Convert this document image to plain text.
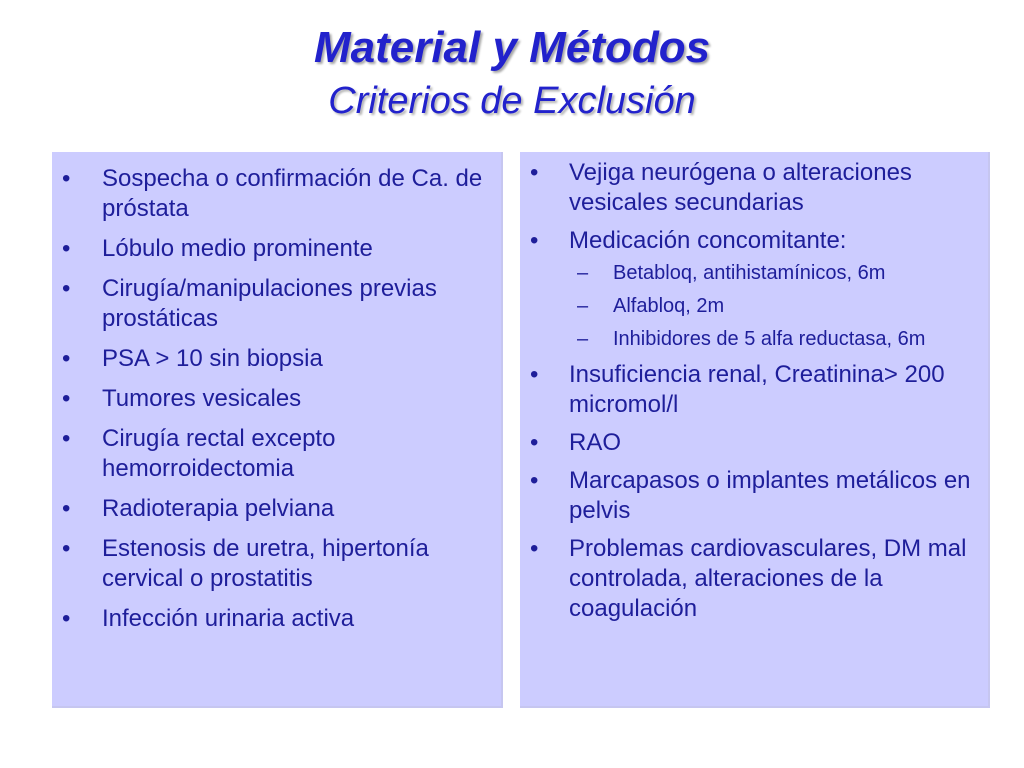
Material y Métodos
Criterios de Exclusión
• Sospecha o confirmación de Ca. de próstata
• Lóbulo medio prominente
• Cirugía/manipulaciones previas prostáticas
• PSA > 10 sin biopsia
• Tumores vesicales
• Cirugía rectal excepto hemorroidectomia
• Radioterapia pelviana
• Estenosis de uretra, hipertonía cervical o prostatitis
• Infección urinaria activa
• Vejiga neurógena o alteraciones vesicales secundarias
• Medicación concomitante:
– Betabloq, antihistamínicos, 6m
– Alfabloq, 2m
– Inhibidores de 5 alfa reductasa, 6m
• Insuficiencia renal, Creatinina> 200 micromol/l
• RAO
• Marcapasos o implantes metálicos en pelvis
• Problemas cardiovasculares, DM mal controlada, alteraciones de la coagulación
